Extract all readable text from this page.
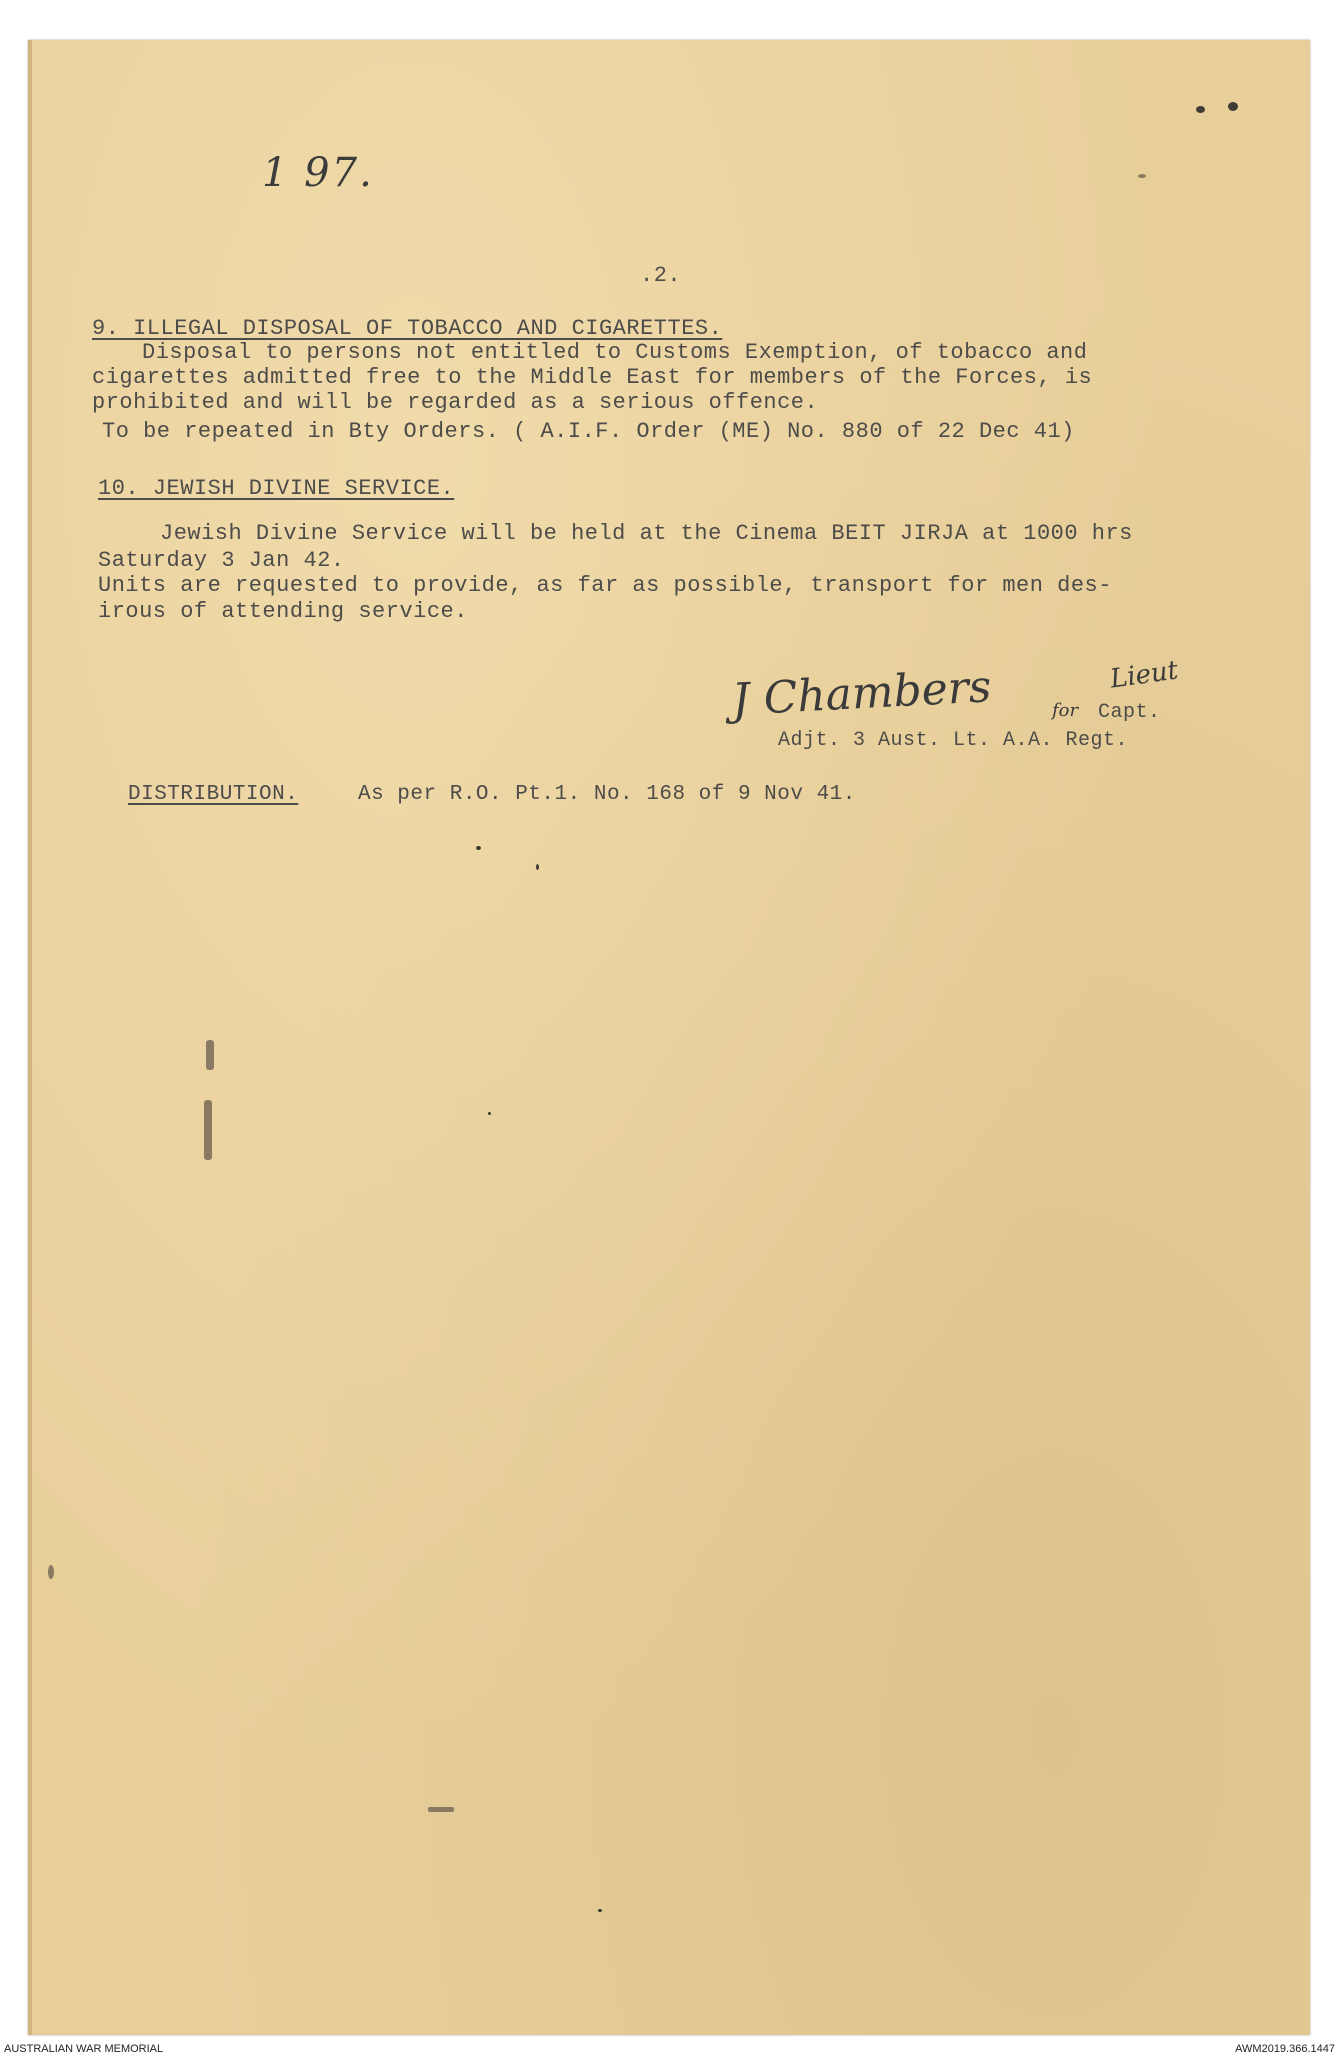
1 97.
.2.
9. ILLEGAL DISPOSAL OF TOBACCO AND CIGARETTES.
Disposal to persons not entitled to Customs Exemption, of tobacco and
cigarettes admitted free to the Middle East for members of the Forces, is
prohibited and will be regarded as a serious offence.
To be repeated in Bty Orders. ( A.I.F. Order (ME) No. 880 of 22 Dec 41)
10. JEWISH DIVINE SERVICE.
Jewish Divine Service will be held at the Cinema BEIT JIRJA at 1000 hrs
Saturday 3 Jan 42.
Units are requested to provide, as far as possible, transport for men des-
irous of attending service.
J Chambers	Lieut
for Capt.
Adjt. 3 Aust. Lt. A.A. Regt.
DISTRIBUTION.	As per R.O. Pt.1. No. 168 of 9 Nov 41.
AUSTRALIAN WAR MEMORIAL	AWM2019.366.1447
